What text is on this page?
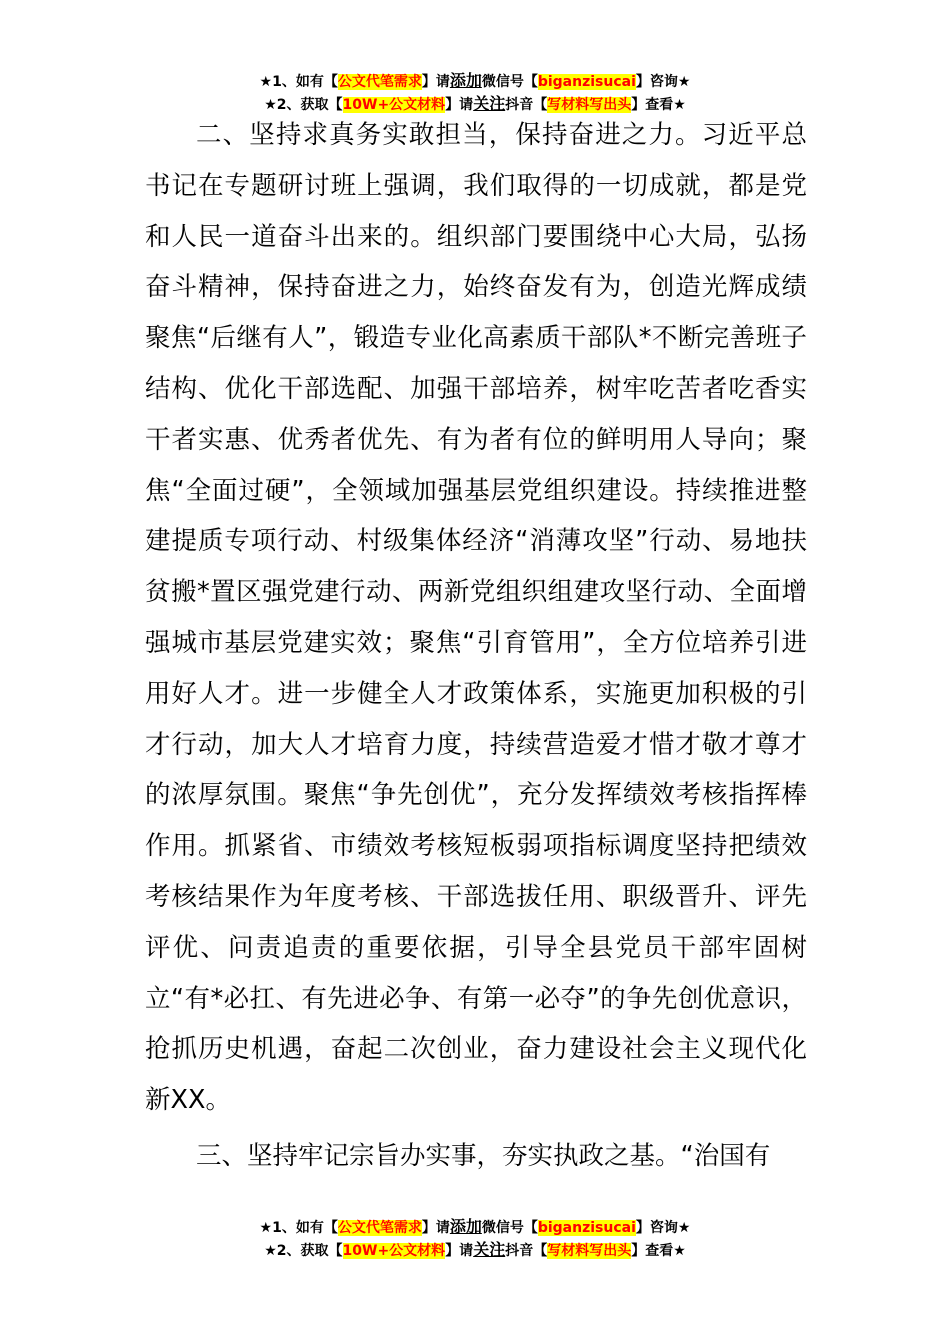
★1、如有【公文代笔需求】请添加微信号【biganzisucai】咨询★
★2、获取【10W+公文材料】请关注抖音【写材料写出头】查看★

二、坚持求真务实敢担当，保持奋进之力。习近平总书记在专题研讨班上强调，我们取得的一切成就，都是党和人民一道奋斗出来的。组织部门要围绕中心大局，弘扬奋斗精神，保持奋进之力，始终奋发有为，创造光辉成绩聚焦“后继有人”，锻造专业化高素质干部队*不断完善班子结构、优化干部选配、加强干部培养，树牢吃苦者吃香实干者实惠、优秀者优先、有为者有位的鲜明用人导向；聚焦“全面过硬”，全领域加强基层党组织建设。持续推进整建提质专项行动、村级集体经济“消薄攻坚”行动、易地扶贫搬*置区强党建行动、两新党组织组建攻坚行动、全面增强城市基层党建实效；聚焦“引育管用”，全方位培养引进用好人才。进一步健全人才政策体系，实施更加积极的引才行动，加大人才培育力度，持续营造爱才惜才敬才尊才的浓厚氛围。聚焦“争先创优”，充分发挥绩效考核指挥棒作用。抓紧省、市绩效考核短板弱项指标调度坚持把绩效考核结果作为年度考核、干部选拔任用、职级晋升、评先评优、问责追责的重要依据，引导全县党员干部牢固树立“有*必扛、有先进必争、有第一必夺”的争先创优意识，抢抓历史机遇，奋起二次创业，奋力建设社会主义现代化新XX。

三、坚持牢记宗旨办实事，夯实执政之基。“治国有

★1、如有【公文代笔需求】请添加微信号【biganzisucai】咨询★
★2、获取【10W+公文材料】请关注抖音【写材料写出头】查看★
